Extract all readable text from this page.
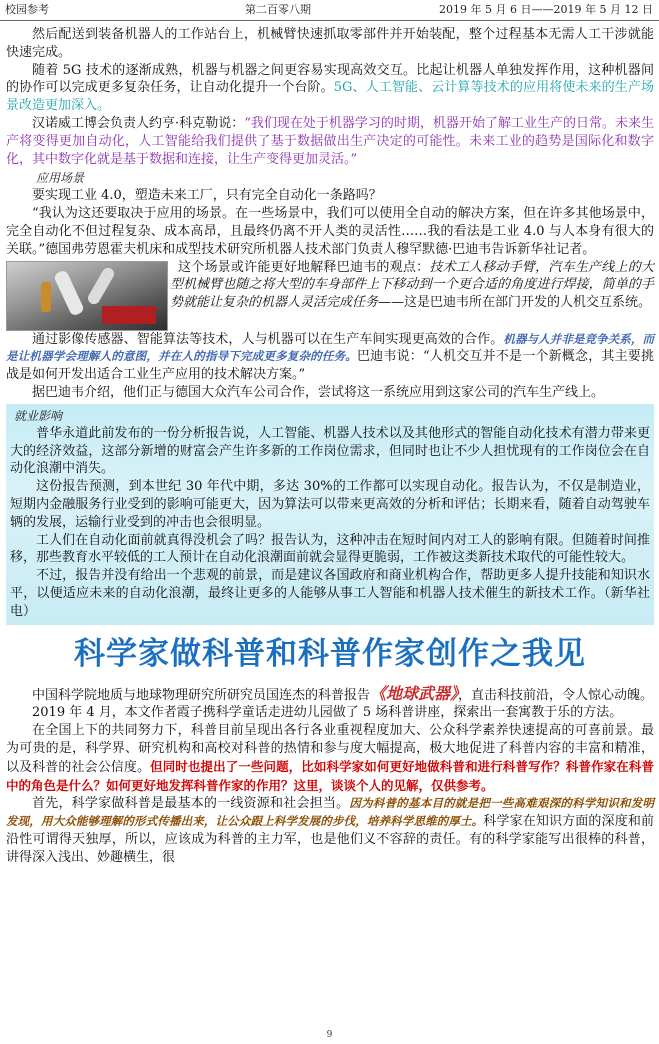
校园参考	第二百零八期	2019 年 5 月 6 日——2019 年 5 月 12 日

然后配送到装备机器人的工作站台上，机械臂快速抓取零部件并开始装配，整个过程基本无需人工干涉就能快速完成。

随着 5G 技术的逐渐成熟，机器与机器之间更容易实现高效交互。比起让机器人单独发挥作用，这种机器间的协作可以完成更多复杂任务，让自动化提升一个台阶。5G、人工智能、云计算等技术的应用将使未来的生产场景改造更加深入。

汉诺威工博会负责人约亨·科克勒说：“我们现在处于机器学习的时期，机器开始了解工业生产的日常。未来生产将变得更加自动化，人工智能给我们提供了基于数据做出生产决定的可能性。未来工业的趋势是国际化和数字化，其中数字化就是基于数据和连接，让生产变得更加灵活。”

应用场景

要实现工业 4.0，塑造未来工厂，只有完全自动化一条路吗？

“我认为这还要取决于应用的场景。在一些场景中，我们可以使用全自动的解决方案，但在许多其他场景中，完全自动化不但过程复杂、成本高昂，且最终仍离不开人类的灵活性……我的看法是工业 4.0 与人本身有很大的关联。”德国弗劳恩霍夫机床和成型技术研究所机器人技术部门负责人穆罕默德·巴迪韦告诉新华社记者。

这个场景或许能更好地解释巴迪韦的观点：技术工人移动手臂，汽车生产线上的大型机械臂也随之将大型的车身部件上下移动到一个更合适的角度进行焊接，简单的手势就能让复杂的机器人灵活完成任务——这是巴迪韦所在部门开发的人机交互系统。

通过影像传感器、智能算法等技术，人与机器可以在生产车间实现更高效的合作。机器与人并非是竞争关系，而是让机器学会理解人的意图，并在人的指导下完成更多复杂的任务。巴迪韦说：“人机交互并不是一个新概念，其主要挑战是如何开发出适合工业生产应用的技术解决方案。”

据巴迪韦介绍，他们正与德国大众汽车公司合作，尝试将这一系统应用到这家公司的汽车生产线上。

就业影响

普华永道此前发布的一份分析报告说，人工智能、机器人技术以及其他形式的智能自动化技术有潜力带来更大的经济效益，这部分新增的财富会产生许多新的工作岗位需求，但同时也让不少人担忧现有的工作岗位会在自动化浪潮中消失。

这份报告预测，到本世纪 30 年代中期，多达 30%的工作都可以实现自动化。报告认为，不仅是制造业，短期内金融服务行业受到的影响可能更大，因为算法可以带来更高效的分析和评估；长期来看，随着自动驾驶车辆的发展，运输行业受到的冲击也会很明显。

工人们在自动化面前就真得没机会了吗？报告认为，这种冲击在短时间内对工人的影响有限。但随着时间推移，那些教育水平较低的工人预计在自动化浪潮面前就会显得更脆弱，工作被这类新技术取代的可能性较大。

不过，报告并没有给出一个悲观的前景，而是建议各国政府和商业机构合作，帮助更多人提升技能和知识水平，以便适应未来的自动化浪潮，最终让更多的人能够从事工人智能和机器人技术催生的新技术工作。（新华社电）

科学家做科普和科普作家创作之我见

中国科学院地质与地球物理研究所研究员国连杰的科普报告《地球武器》，直击科技前沿，令人惊心动魄。

2019 年 4 月，本文作者霞子携科学童话走进幼儿园做了 5 场科普讲座，探索出一套寓教于乐的方法。

在全国上下的共同努力下，科普目前呈现出各行各业重视程度加大、公众科学素养快速提高的可喜前景。最为可贵的是，科学界、研究机构和高校对科普的热情和参与度大幅提高，极大地促进了科普内容的丰富和精准，以及科普的社会公信度。但同时也提出了一些问题，比如科学家如何更好地做科普和进行科普写作？科普作家在科普中的角色是什么？如何更好地发挥科普作家的作用？这里，谈谈个人的见解，仅供参考。

首先，科学家做科普是最基本的一线资源和社会担当。因为科普的基本目的就是把一些高难艰深的科学知识和发明发现，用大众能够理解的形式传播出来，让公众跟上科学发展的步伐，培养科学思维的厚土。科学家在知识方面的深度和前沿性可谓得天独厚，所以，应该成为科普的主力军，也是他们义不容辞的责任。有的科学家能写出很棒的科普，讲得深入浅出、妙趣横生，很

9
